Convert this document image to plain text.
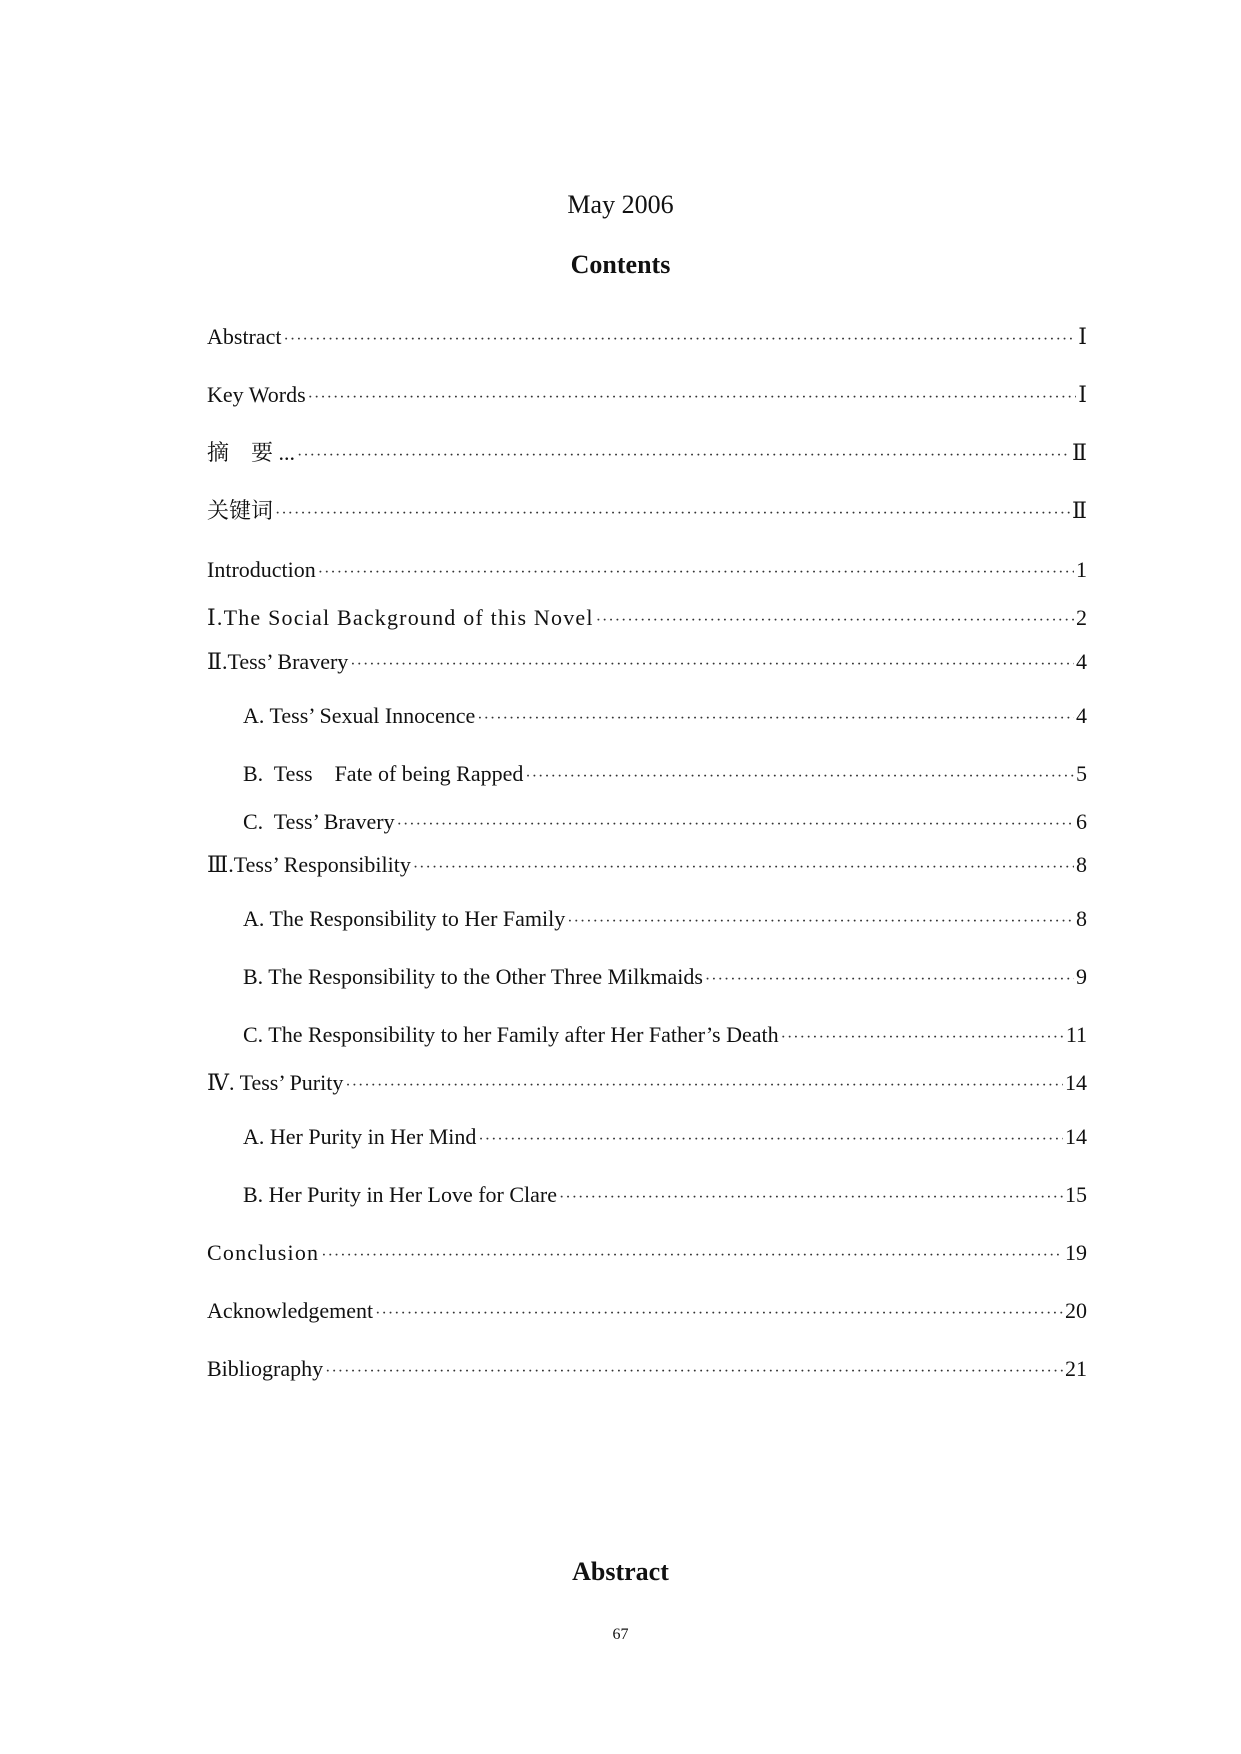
May 2006
Contents
Abstract ·····	Ⅰ
Key Words ·····	Ⅰ
摘　要 ... ·····	Ⅱ
关键词 ·····	Ⅱ
Introduction ·····	1
Ⅰ.The Social Background of this Novel ·····	2
Ⅱ.Tess’ Bravery ·····	4
A. Tess’ Sexual Innocence ·····	4
B.  Tess　Fate of being Rapped ·····	5
C.  Tess’ Bravery ·····	6
Ⅲ.Tess’ Responsibility ·····	8
A. The Responsibility to Her Family ·····	8
B. The Responsibility to the Other Three Milkmaids ·····	9
C. The Responsibility to her Family after Her Father’s Death ·····	11
Ⅳ. Tess’ Purity ·····	14
A. Her Purity in Her Mind ·····	14
B. Her Purity in Her Love for Clare ·····	15
Conclusion ·····	19
Acknowledgement ·····	20
Bibliography ·····	21
Abstract
67
